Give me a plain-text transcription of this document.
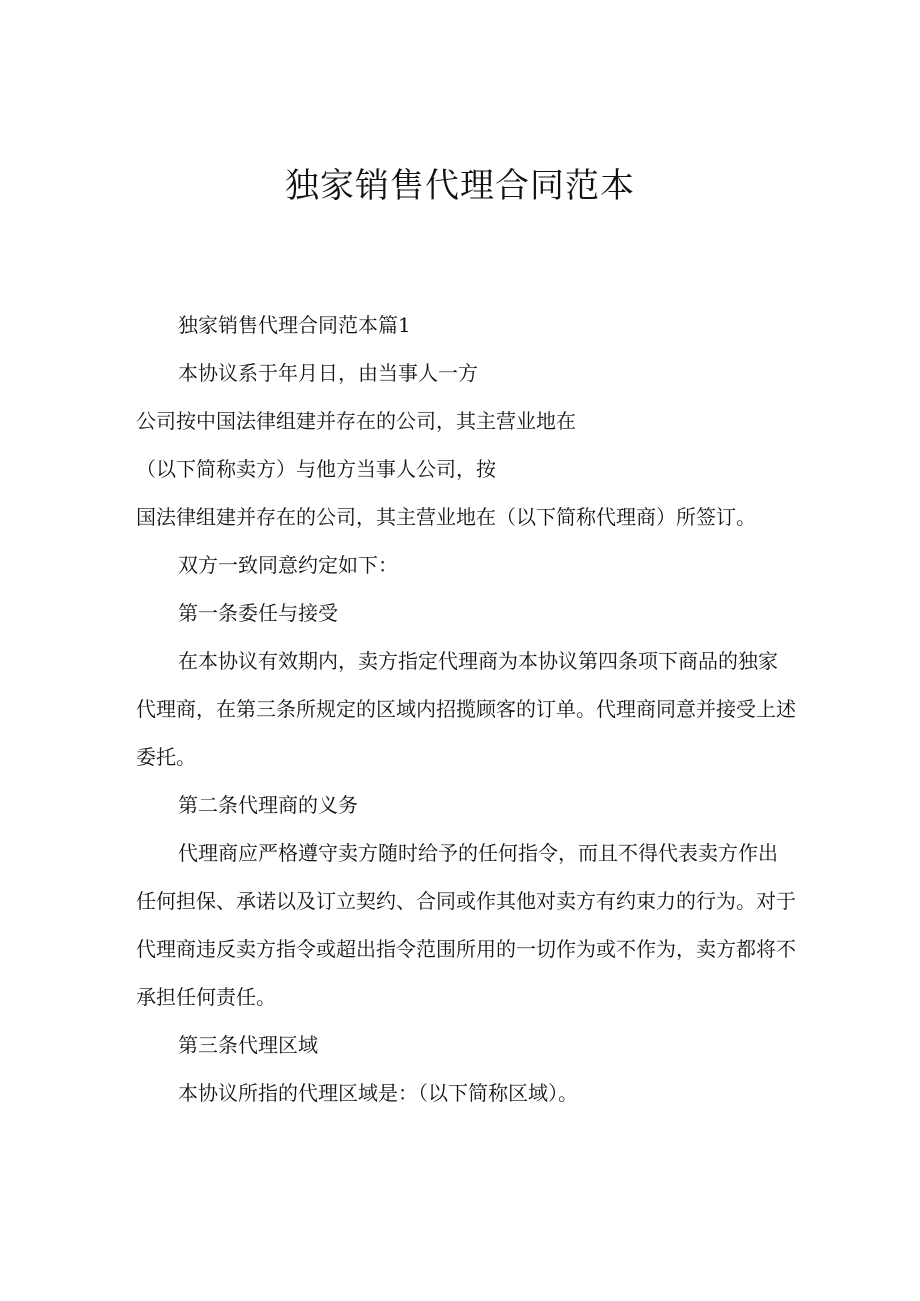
独家销售代理合同范本
独家销售代理合同范本篇1
本协议系于年月日，由当事人一方
公司按中国法律组建并存在的公司，其主营业地在
（以下简称卖方）与他方当事人公司，按
国法律组建并存在的公司，其主营业地在（以下简称代理商）所签订。
双方一致同意约定如下：
第一条委任与接受
在本协议有效期内，卖方指定代理商为本协议第四条项下商品的独家
代理商，在第三条所规定的区域内招揽顾客的订单。代理商同意并接受上述
委托。
第二条代理商的义务
代理商应严格遵守卖方随时给予的任何指令，而且不得代表卖方作出
任何担保、承诺以及订立契约、合同或作其他对卖方有约束力的行为。对于
代理商违反卖方指令或超出指令范围所用的一切作为或不作为，卖方都将不
承担任何责任。
第三条代理区域
本协议所指的代理区域是：（以下简称区域）。
